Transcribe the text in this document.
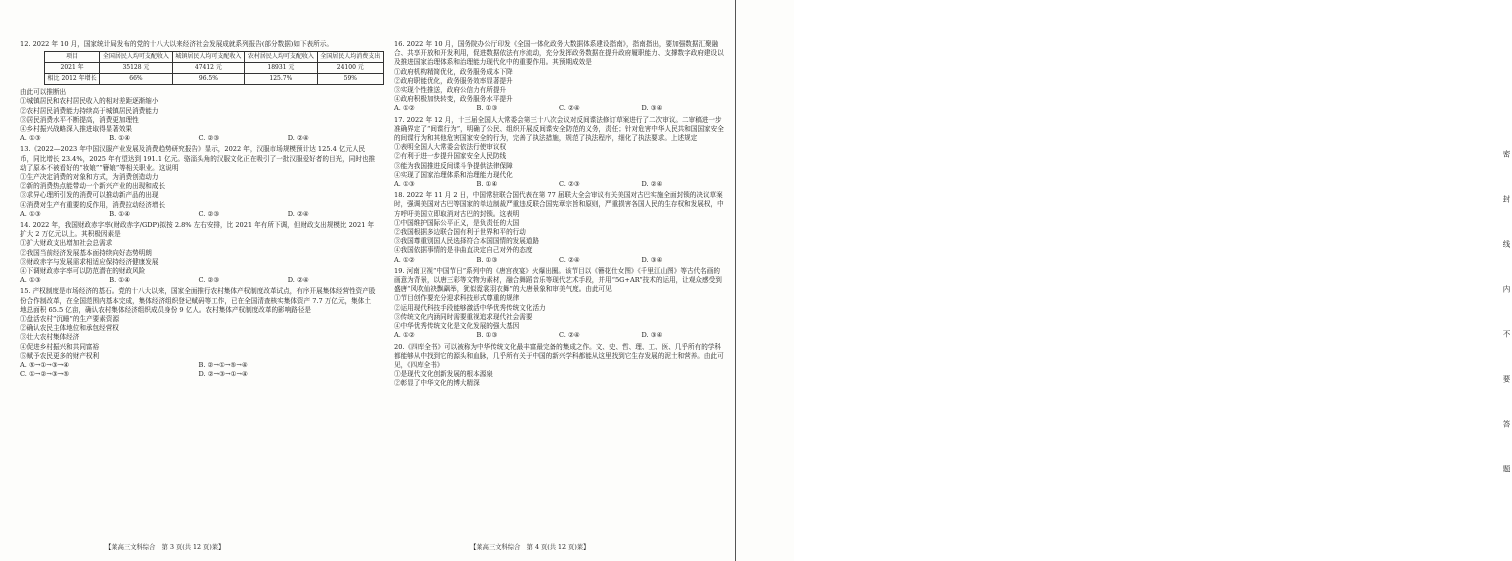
12. 2022 年 10 月，国家统计局发布的党的十八大以来经济社会发展成就系列报告(部分数据)如下表所示。

项目	全国居民人均可支配收入	城镇居民人均可支配收入	农村居民人均可支配收入	全国居民人均消费支出
2021 年	35128 元	47412 元	18931 元	24100 元
相比 2012 年增长	66%	96.5%	125.7%	59%

由此可以推断出

①城镇居民和农村居民收入的相对差距逐渐缩小

②农村居民消费能力持续高于城镇居民消费能力

③居民消费水平不断提高，消费更加理性

④乡村振兴战略深入推进取得显著效果

A. ①③	B. ①④	C. ②③	D. ②④

13.《2022—2023 年中国汉服产业发展及消费趋势研究报告》显示，2022 年，汉服市场规模预计达 125.4 亿元人民币，同比增长 23.4%，2025 年有望达到 191.1 亿元。骆淄头角的汉服文化正在吸引了一批汉服爱好者的目光，同时也推动了原本不被看好的“妆娘”“簪娘”等相关职业。这说明

①生产决定消费的对象和方式，为消费创造动力

②新的消费热点能带动一个新兴产业的出现和成长

③求异心理所引发的消费可以推动新产品的出现

④消费对生产有重要的反作用，消费拉动经济增长

A. ①③	B. ①④	C. ②③	D. ②④

14. 2022 年，我国财政赤字率(财政赤字/GDP)拟按 2.8% 左右安排，比 2021 年有所下调，但财政支出规模比 2021 年扩大 2 万亿元以上。其积极因素是

①扩大财政支出增加社会总需求

②我国当前经济发展基本面持续向好态势明朗

③财政赤字与发展需求相适应保持经济健康发展

④下调财政赤字率可以防范潜在的财政风险

A. ①③	B. ①④	C. ②③	D. ②④

15. 产权制度是市场经济的基石。党的十八大以来，国家全面推行农村集体产权制度改革试点，有序开展集体经营性资产股份合作制改革，在全国范围内基本完成，集体经济组织登记赋码等工作，已在全国清查核实集体资产 7.7 万亿元，集体土地总面积 65.5 亿亩，确认农村集体经济组织成员身份 9 亿人。农村集体产权制度改革的影响路径是

①盘活农村“沉睡”的生产要素资源

②确认农民主体地位和承包经营权

③壮大农村集体经济

④促进乡村振兴和共同富裕

⑤赋予农民更多的财产权利

A. ⑤→①→③→④	B. ②→①→⑤→④
C. ①→②→③→⑤	D. ②→③→①→④

16. 2022 年 10 月，国务院办公厅印发《全国一体化政务大数据体系建设指南》，指南指出，要加强数据汇聚融合、共享开放和开发利用，促进数据依法有序流动，充分发挥政务数据在提升政府履职能力、支撑数字政府建设以及推进国家治理体系和治理能力现代化中的重要作用。其预期成效是

①政府机构精简优化，政务服务成本下降

②政府职能优化，政务服务效率显著提升

③实现个性推送，政府公信力有所提升

④政府积极加快转变，政务服务水平提升

A. ①②	B. ①③	C. ②④	D. ③④

17. 2022 年 12 月，十三届全国人大常委会第三十八次会议对反间谍法修订草案进行了二次审议。二审稿进一步准确界定了“间谍行为”，明确了公民、组织开展反间谍安全防范的义务，责任；针对危害中华人民共和国国家安全的间谍行为和其他危害国家安全的行为，完善了执法措施，规范了执法程序，细化了执法要求。上述规定

①表明全国人大常委会依法行使审议权

②有利于进一步提升国家安全人民防线

③能为我国推进反间谍斗争提供法律保障

④实现了国家治理体系和治理能力现代化

A. ①③	B. ①④	C. ②③	D. ②④

18. 2022 年 11 月 2 日，中国常驻联合国代表在第 77 届联大全会审议有关美国对古巴实施全面封锁的决议草案时，强调美国对古巴等国家的单边制裁严重违反联合国宪章宗旨和原则，严重损害各国人民的生存权和发展权，中方呼吁美国立即取消对古巴的封锁。这表明

①中国维护国际公平正义，是负责任的大国

②我国根据多边联合国有利于世界和平的行动

③我国尊重别国人民选择符合本国国情的发展道路

④我国依据事情的是非曲直决定自己对外的态度

A. ①②	B. ①③	C. ②④	D. ③④

19. 河南卫视“中国节日”系列中的《唐宫夜宴》火爆出圈。该节目以《簪花仕女图》《千里江山图》等古代名画的画意为背景，以唐三彩等文物为素材，融合舞蹈音乐等现代艺术手段，并用“5G+AR”技术的运用，让观众感受到盛唐“风吹仙袂飘飖举，犹似霓裳羽衣舞”的大唐景象和审美气度。由此可见

①节目创作要充分迎求科技形式尊重的规律

②运用现代科技手段能够激活中华优秀传统文化活力

③传统文化内涵同时需要重视追求现代社会需要

④中华优秀传统文化是文化发展的强大基因

A. ①②	B. ①③	C. ②④	D. ③④

20.《四库全书》可以被称为中华传统文化最丰富最完备的集成之作。文、史、哲、理、工、医、几乎所有的学科都能够从中找到它的源头和血脉，几乎所有关于中国的新兴学科都能从这里找到它生存发展的泥土和营养。由此可见，《四库全书》

①是现代文化创新发展的根本源泉

②彰显了中华文化的博大精深

【莱高三文科综合　第 3 页(共 12 页)莱】	【莱高三文科综合　第 4 页(共 12 页)莱】
密
封
线
内
不
要
答
题
